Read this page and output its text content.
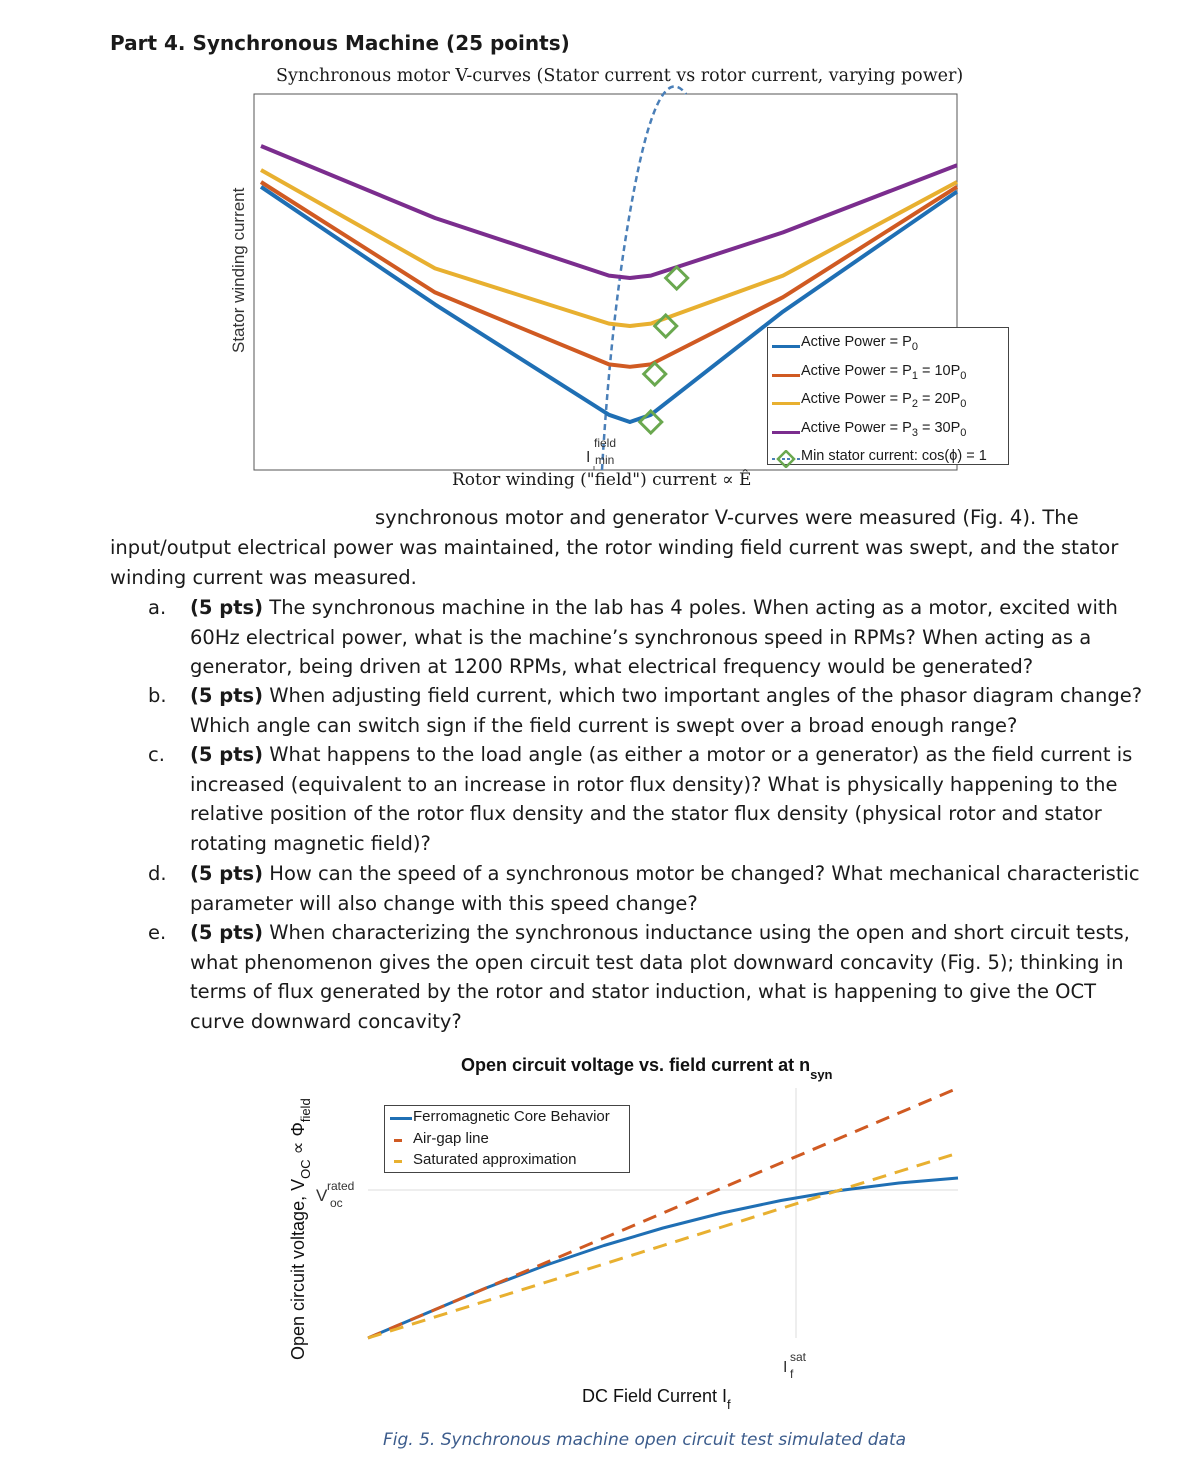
Part 4. Synchronous Machine (25 points)
Synchronous motor V-curves (Stator current vs rotor current, varying power)
Stator winding current
I
field
min
Active Power = $P_0$
Active Power = $P_1 = 10P_0$
Active Power = $P_2 = 20P_0$
Active Power = $P_3 = 30P_0$
Min stator current: cos(ϕ) = 1
Rotor winding ("field") current ∝ Ê
synchronous motor and generator V-curves were measured (Fig. 4). The
input/output electrical power was maintained, the rotor winding field current was swept, and the stator
winding current was measured.
a. (5 pts) The synchronous machine in the lab has 4 poles. When acting as a motor, excited with
60Hz electrical power, what is the machine’s synchronous speed in RPMs? When acting as a
generator, being driven at 1200 RPMs, what electrical frequency would be generated?
b. (5 pts) When adjusting field current, which two important angles of the phasor diagram change?
Which angle can switch sign if the field current is swept over a broad enough range?
c. (5 pts) What happens to the load angle (as either a motor or a generator) as the field current is
increased (equivalent to an increase in rotor flux density)? What is physically happening to the
relative position of the rotor flux density and the stator flux density (physical rotor and stator
rotating magnetic field)?
d. (5 pts) How can the speed of a synchronous motor be changed? What mechanical characteristic
parameter will also change with this speed change?
e. (5 pts) When characterizing the synchronous inductance using the open and short circuit tests,
what phenomenon gives the open circuit test data plot downward concavity (Fig. 5); thinking in
terms of flux generated by the rotor and stator induction, what is happening to give the OCT
curve downward concavity?
Open circuit voltage vs. field current at $n_{syn}$
Open circuit voltage, $V_{OC} \propto \Phi_{field}$
V rated
oc
I
sat
f
DC Field Current $I_f$
Ferromagnetic Core Behavior
Air-gap line
Saturated approximation
Fig. 5. Synchronous machine open circuit test simulated data
